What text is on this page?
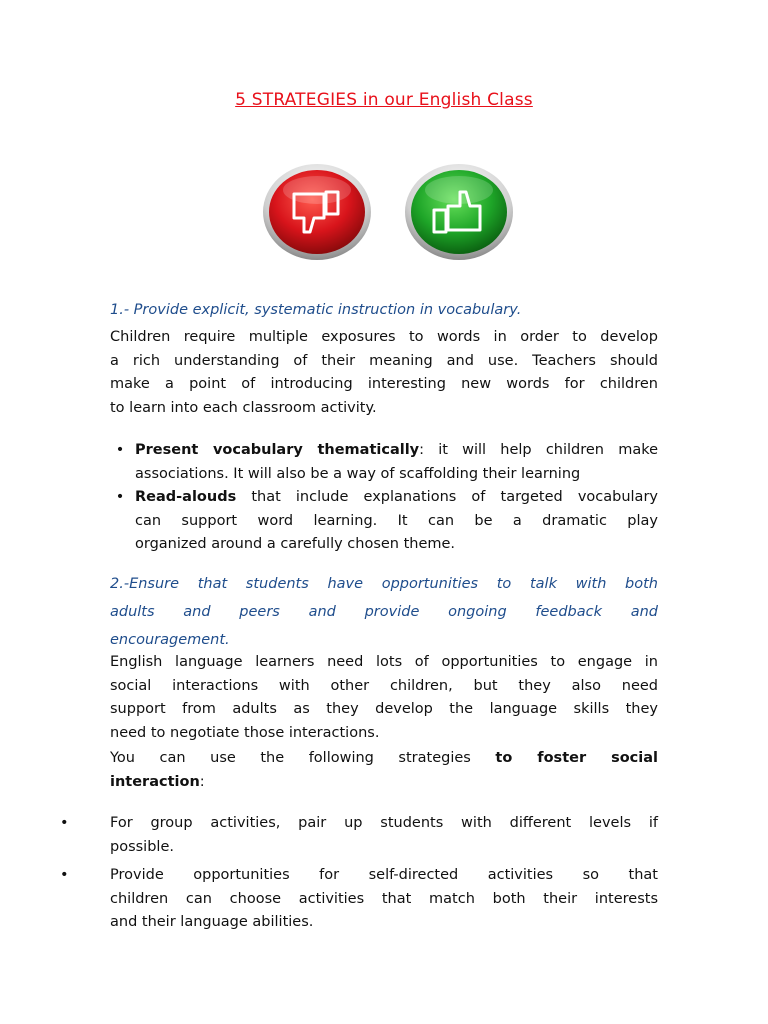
5 STRATEGIES in our English Class
1.- Provide explicit, systematic instruction in vocabulary.
Children require multiple exposures to words in order to develop
a rich understanding of their meaning and use. Teachers should
make a point of introducing interesting new words for children
to learn into each classroom activity.
• Present vocabulary thematically: it will help children make
associations. It will also be a way of scaffolding their learning
• Read-alouds that include explanations of targeted vocabulary
can support word learning. It can be a dramatic play
organized around a carefully chosen theme.
2.-Ensure that students have opportunities to talk with both
adults and peers and provide ongoing feedback and
encouragement.
English language learners need lots of opportunities to engage in
social interactions with other children, but they also need
support from adults as they develop the language skills they
need to negotiate those interactions.
You can use the following strategies to foster social
interaction:
•	For group activities, pair up students with different levels if
possible.
•	Provide opportunities for self-directed activities so that
children can choose activities that match both their interests
and their language abilities.
